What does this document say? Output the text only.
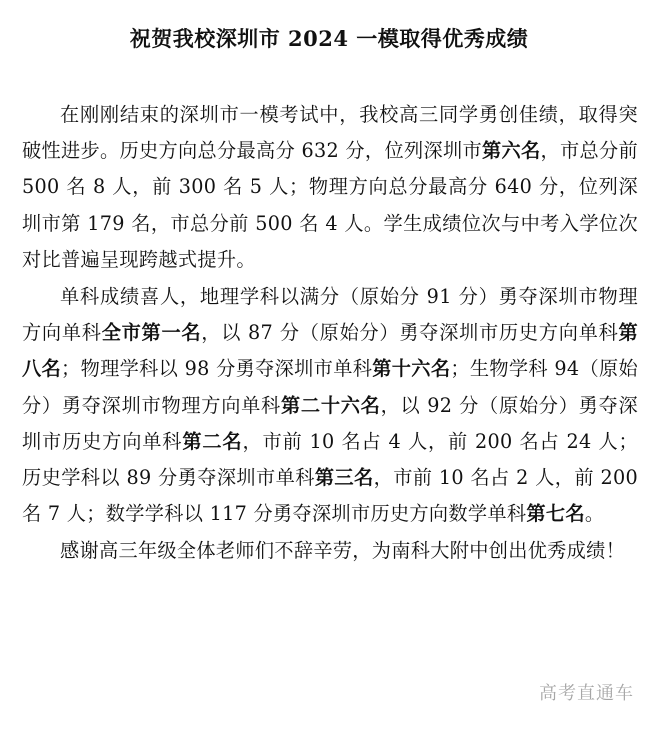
祝贺我校深圳市 2024 一模取得优秀成绩

在刚刚结束的深圳市一模考试中，我校高三同学勇创佳绩，取得突破性进步。历史方向总分最高分 632 分，位列深圳市第六名，市总分前 500 名 8 人，前 300 名 5 人；物理方向总分最高分 640 分，位列深圳市第 179 名，市总分前 500 名 4 人。学生成绩位次与中考入学位次对比普遍呈现跨越式提升。

单科成绩喜人，地理学科以满分（原始分 91 分）勇夺深圳市物理方向单科全市第一名，以 87 分（原始分）勇夺深圳市历史方向单科第八名；物理学科以 98 分勇夺深圳市单科第十六名；生物学科 94（原始分）勇夺深圳市物理方向单科第二十六名，以 92 分（原始分）勇夺深圳市历史方向单科第二名，市前 10 名占 4 人，前 200 名占 24 人；历史学科以 89 分勇夺深圳市单科第三名，市前 10 名占 2 人，前 200 名 7 人；数学学科以 117 分勇夺深圳市历史方向数学单科第七名。

感谢高三年级全体老师们不辞辛劳，为南科大附中创出优秀成绩！

高考直通车
